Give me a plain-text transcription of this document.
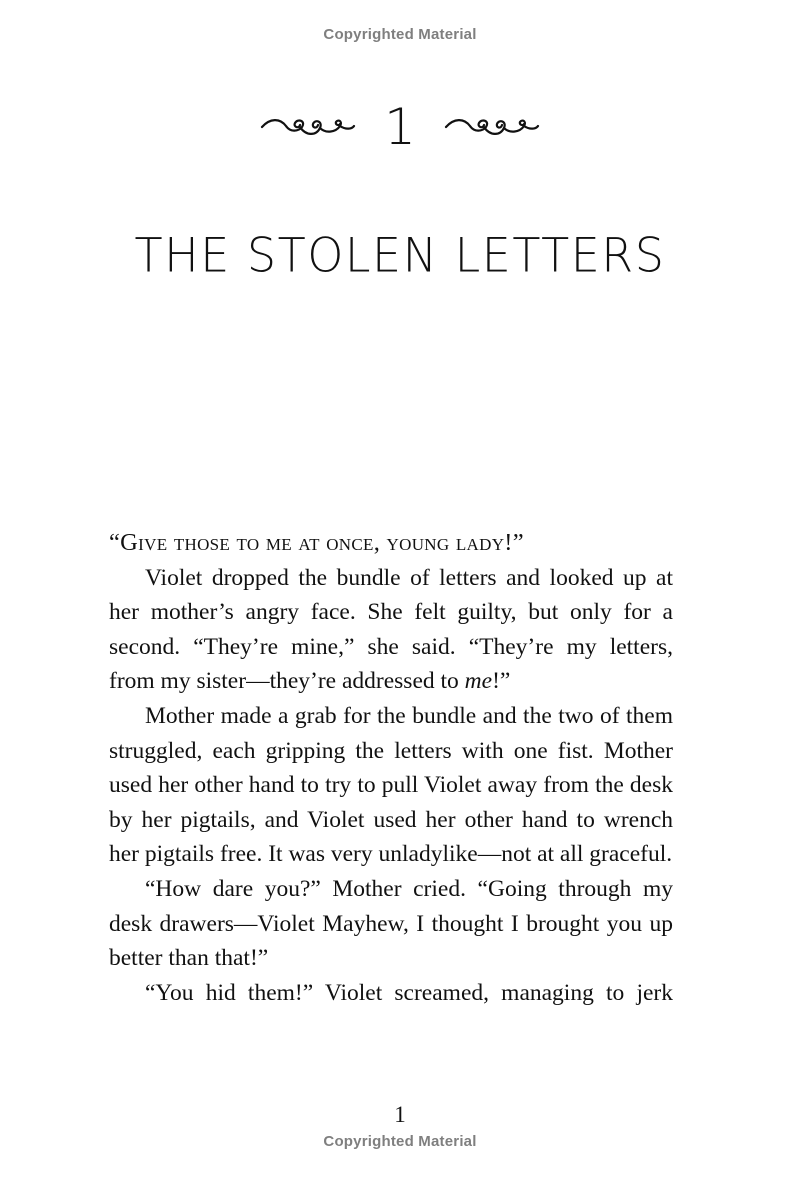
Copyrighted Material
1
THE STOLEN LETTERS

“Give those to me at once, young lady!”

Violet dropped the bundle of letters and looked up at her mother’s angry face. She felt guilty, but only for a second. “They’re mine,” she said. “They’re my letters, from my sister—they’re addressed to me!”

Mother made a grab for the bundle and the two of them struggled, each gripping the letters with one fist. Mother used her other hand to try to pull Violet away from the desk by her pigtails, and Violet used her other hand to wrench her pigtails free. It was very unladylike—not at all graceful.

“How dare you?” Mother cried. “Going through my desk drawers—Violet Mayhew, I thought I brought you up better than that!”

“You hid them!” Violet screamed, managing to jerk

1
Copyrighted Material
